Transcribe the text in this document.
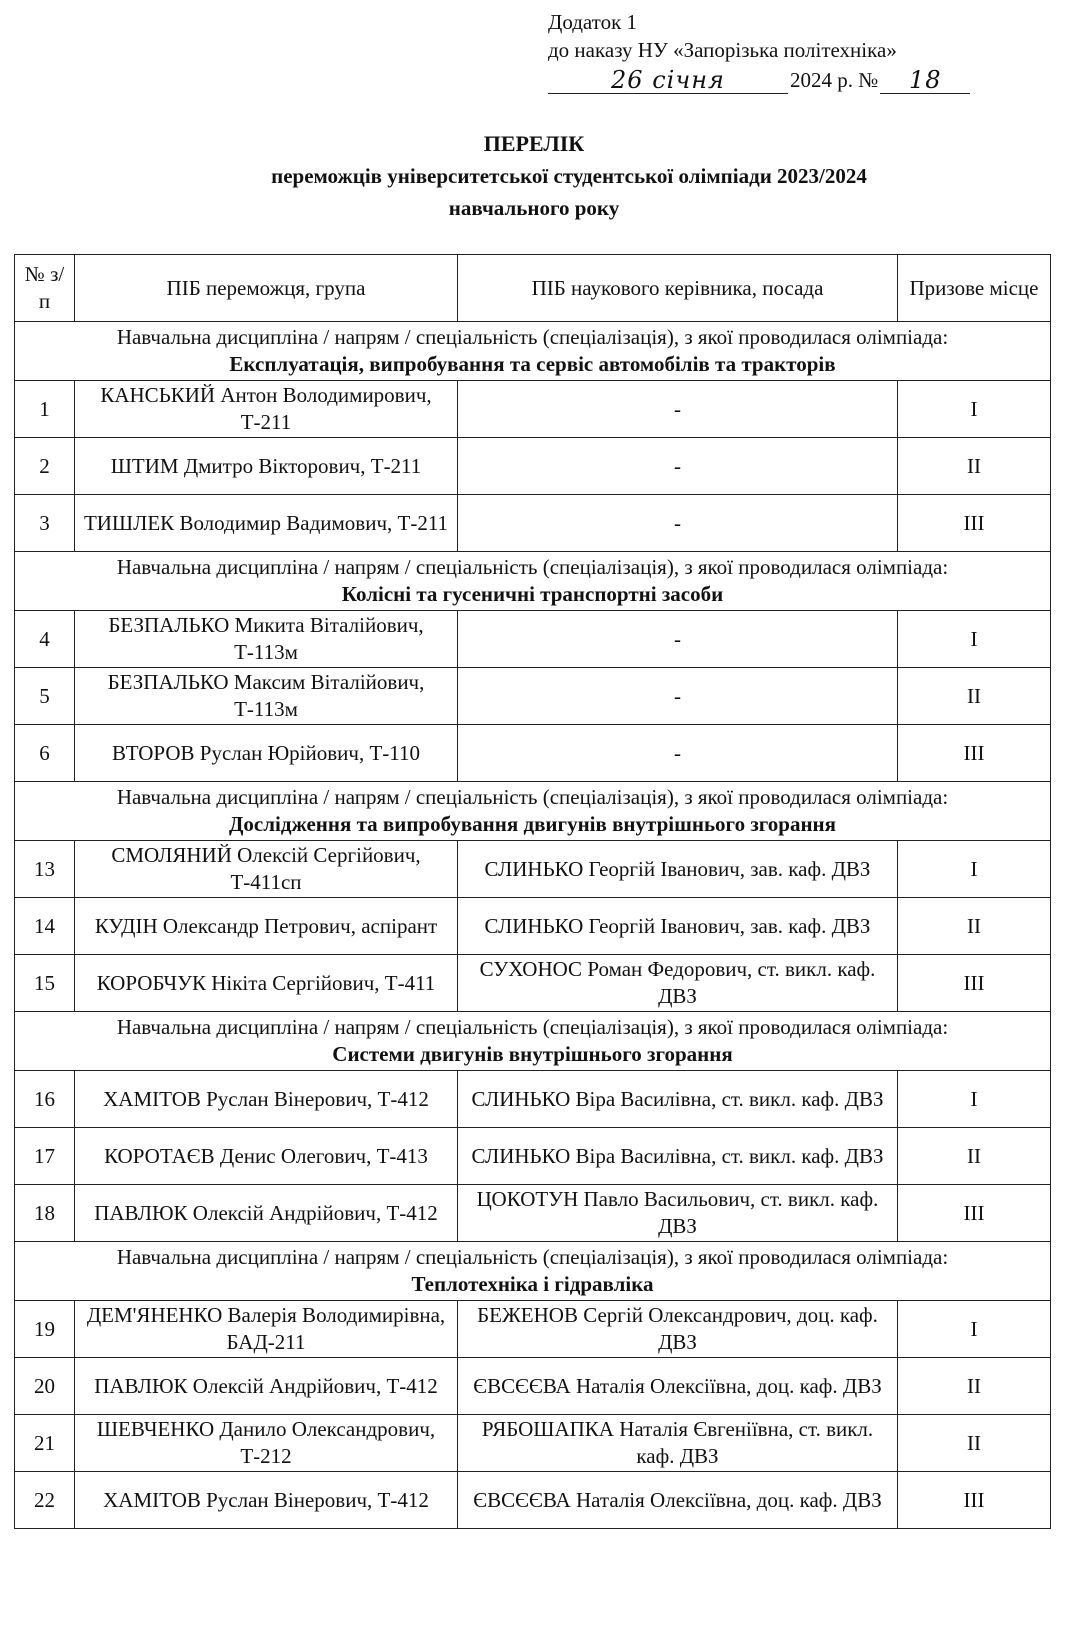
Додаток 1
до наказу НУ «Запорізька політехніка»
26 січня	2024 р. №	18
ПЕРЕЛІК
переможців університетської студентської олімпіади 2023/2024
навчального року
№ з/п	ПІБ переможця, група	ПІБ наукового керівника, посада	Призове місце

Навчальна дисципліна / напрям / спеціальність (спеціалізація), з якої проводилася олімпіада:
Експлуатація, випробування та сервіс автомобілів та тракторів			

1	КАНСЬКИЙ Антон Володимирович, Т-211	-	I
2	ШТИМ Дмитро Вікторович, Т-211	-	II
3	ТИШЛЕК Володимир Вадимович, Т-211	-	III

Навчальна дисципліна / напрям / спеціальність (спеціалізація), з якої проводилася олімпіада:
Колісні та гусеничні транспортні засоби			

4	БЕЗПАЛЬКО Микита Віталійович, Т-113м	-	I
5	БЕЗПАЛЬКО Максим Віталійович, Т-113м	-	II
6	ВТОРОВ Руслан Юрійович, Т-110	-	III

Навчальна дисципліна / напрям / спеціальність (спеціалізація), з якої проводилася олімпіада:
Дослідження та випробування двигунів внутрішнього згорання			

13	СМОЛЯНИЙ Олексій Сергійович, Т-411сп	СЛИНЬКО Георгій Іванович, зав. каф. ДВЗ	I
14	КУДІН Олександр Петрович, аспірант	СЛИНЬКО Георгій Іванович, зав. каф. ДВЗ	II
15	КОРОБЧУК Нікіта Сергійович, Т-411	СУХОНОС Роман Федорович, ст. викл. каф. ДВЗ	III

Навчальна дисципліна / напрям / спеціальність (спеціалізація), з якої проводилася олімпіада:
Системи двигунів внутрішнього згорання			

16	ХАМІТОВ Руслан Вінерович, Т-412	СЛИНЬКО Віра Василівна, ст. викл. каф. ДВЗ	I
17	КОРОТАЄВ Денис Олегович, Т-413	СЛИНЬКО Віра Василівна, ст. викл. каф. ДВЗ	II
18	ПАВЛЮК Олексій Андрійович, Т-412	ЦОКОТУН Павло Васильович, ст. викл. каф. ДВЗ	III

Навчальна дисципліна / напрям / спеціальність (спеціалізація), з якої проводилася олімпіада:
Теплотехніка і гідравліка			

19	ДЕМ'ЯНЕНКО Валерія Володимирівна, БАД-211	БЕЖЕНОВ Сергій Олександрович, доц. каф. ДВЗ	I
20	ПАВЛЮК Олексій Андрійович, Т-412	ЄВСЄЄВА Наталія Олексіївна, доц. каф. ДВЗ	II
21	ШЕВЧЕНКО Данило Олександрович, Т-212	РЯБОШАПКА Наталія Євгеніївна, ст. викл. каф. ДВЗ	II
22	ХАМІТОВ Руслан Вінерович, Т-412	ЄВСЄЄВА Наталія Олексіївна, доц. каф. ДВЗ	III
